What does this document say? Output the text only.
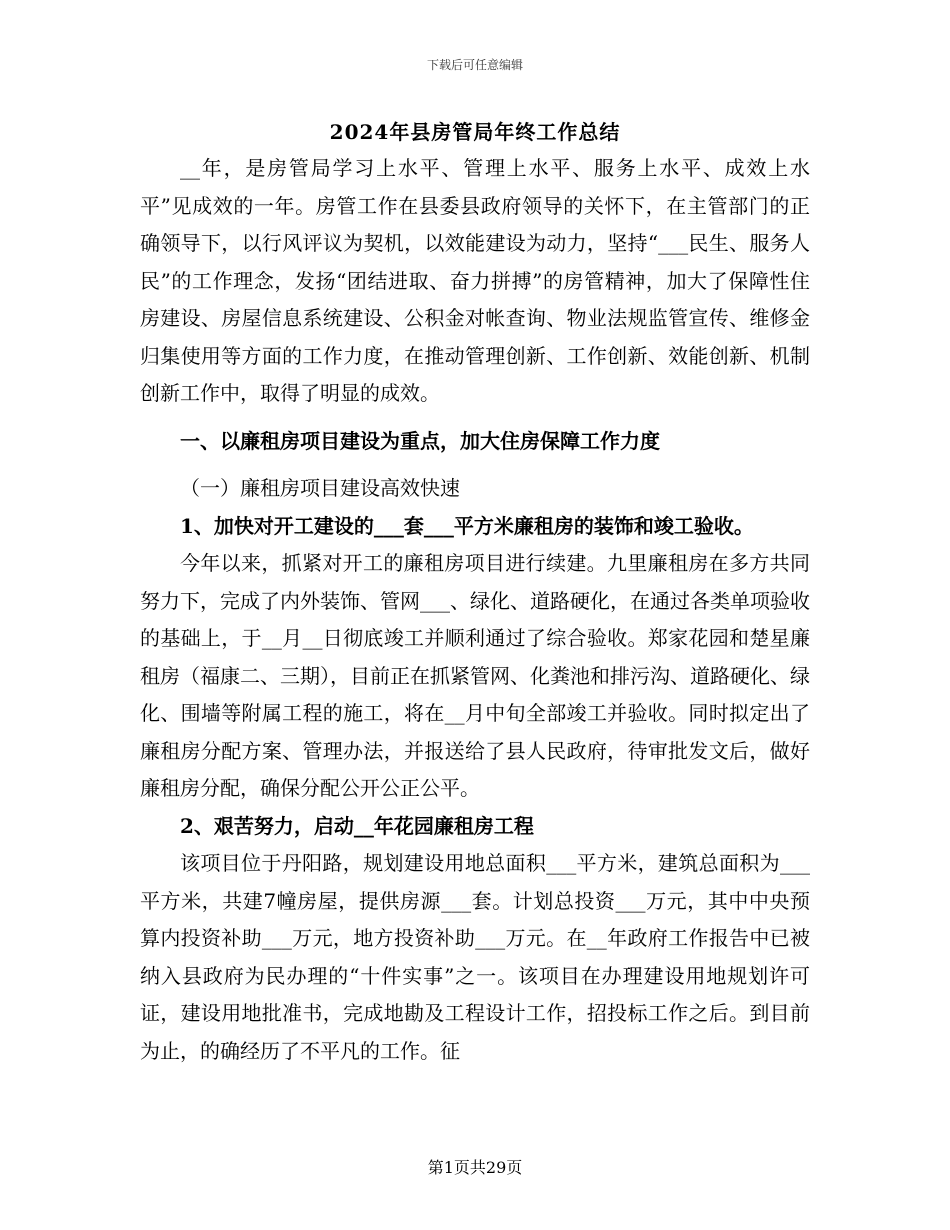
下载后可任意编辑
2024年县房管局年终工作总结

__年，是房管局学习上水平、管理上水平、服务上水平、成效上水平”见成效的一年。房管工作在县委县政府领导的关怀下，在主管部门的正确领导下，以行风评议为契机，以效能建设为动力，坚持“___民生、服务人民”的工作理念，发扬“团结进取、奋力拼搏”的房管精神，加大了保障性住房建设、房屋信息系统建设、公积金对帐查询、物业法规监管宣传、维修金归集使用等方面的工作力度，在推动管理创新、工作创新、效能创新、机制创新工作中，取得了明显的成效。

一、以廉租房项目建设为重点，加大住房保障工作力度

（一）廉租房项目建设高效快速

1、加快对开工建设的___套___平方米廉租房的装饰和竣工验收。

今年以来，抓紧对开工的廉租房项目进行续建。九里廉租房在多方共同努力下，完成了内外装饰、管网___、绿化、道路硬化，在通过各类单项验收的基础上，于__月__日彻底竣工并顺利通过了综合验收。郑家花园和楚星廉租房（福康二、三期），目前正在抓紧管网、化粪池和排污沟、道路硬化、绿化、围墙等附属工程的施工，将在__月中旬全部竣工并验收。同时拟定出了廉租房分配方案、管理办法，并报送给了县人民政府，待审批发文后，做好廉租房分配，确保分配公开公正公平。

2、艰苦努力，启动__年花园廉租房工程

该项目位于丹阳路，规划建设用地总面积___平方米，建筑总面积为___平方米，共建7幢房屋，提供房源___套。计划总投资___万元，其中中央预算内投资补助___万元，地方投资补助___万元。在__年政府工作报告中已被纳入县政府为民办理的“十件实事”之一。该项目在办理建设用地规划许可证，建设用地批准书，完成地勘及工程设计工作，招投标工作之后。到目前为止，的确经历了不平凡的工作。征

第1页共29页
